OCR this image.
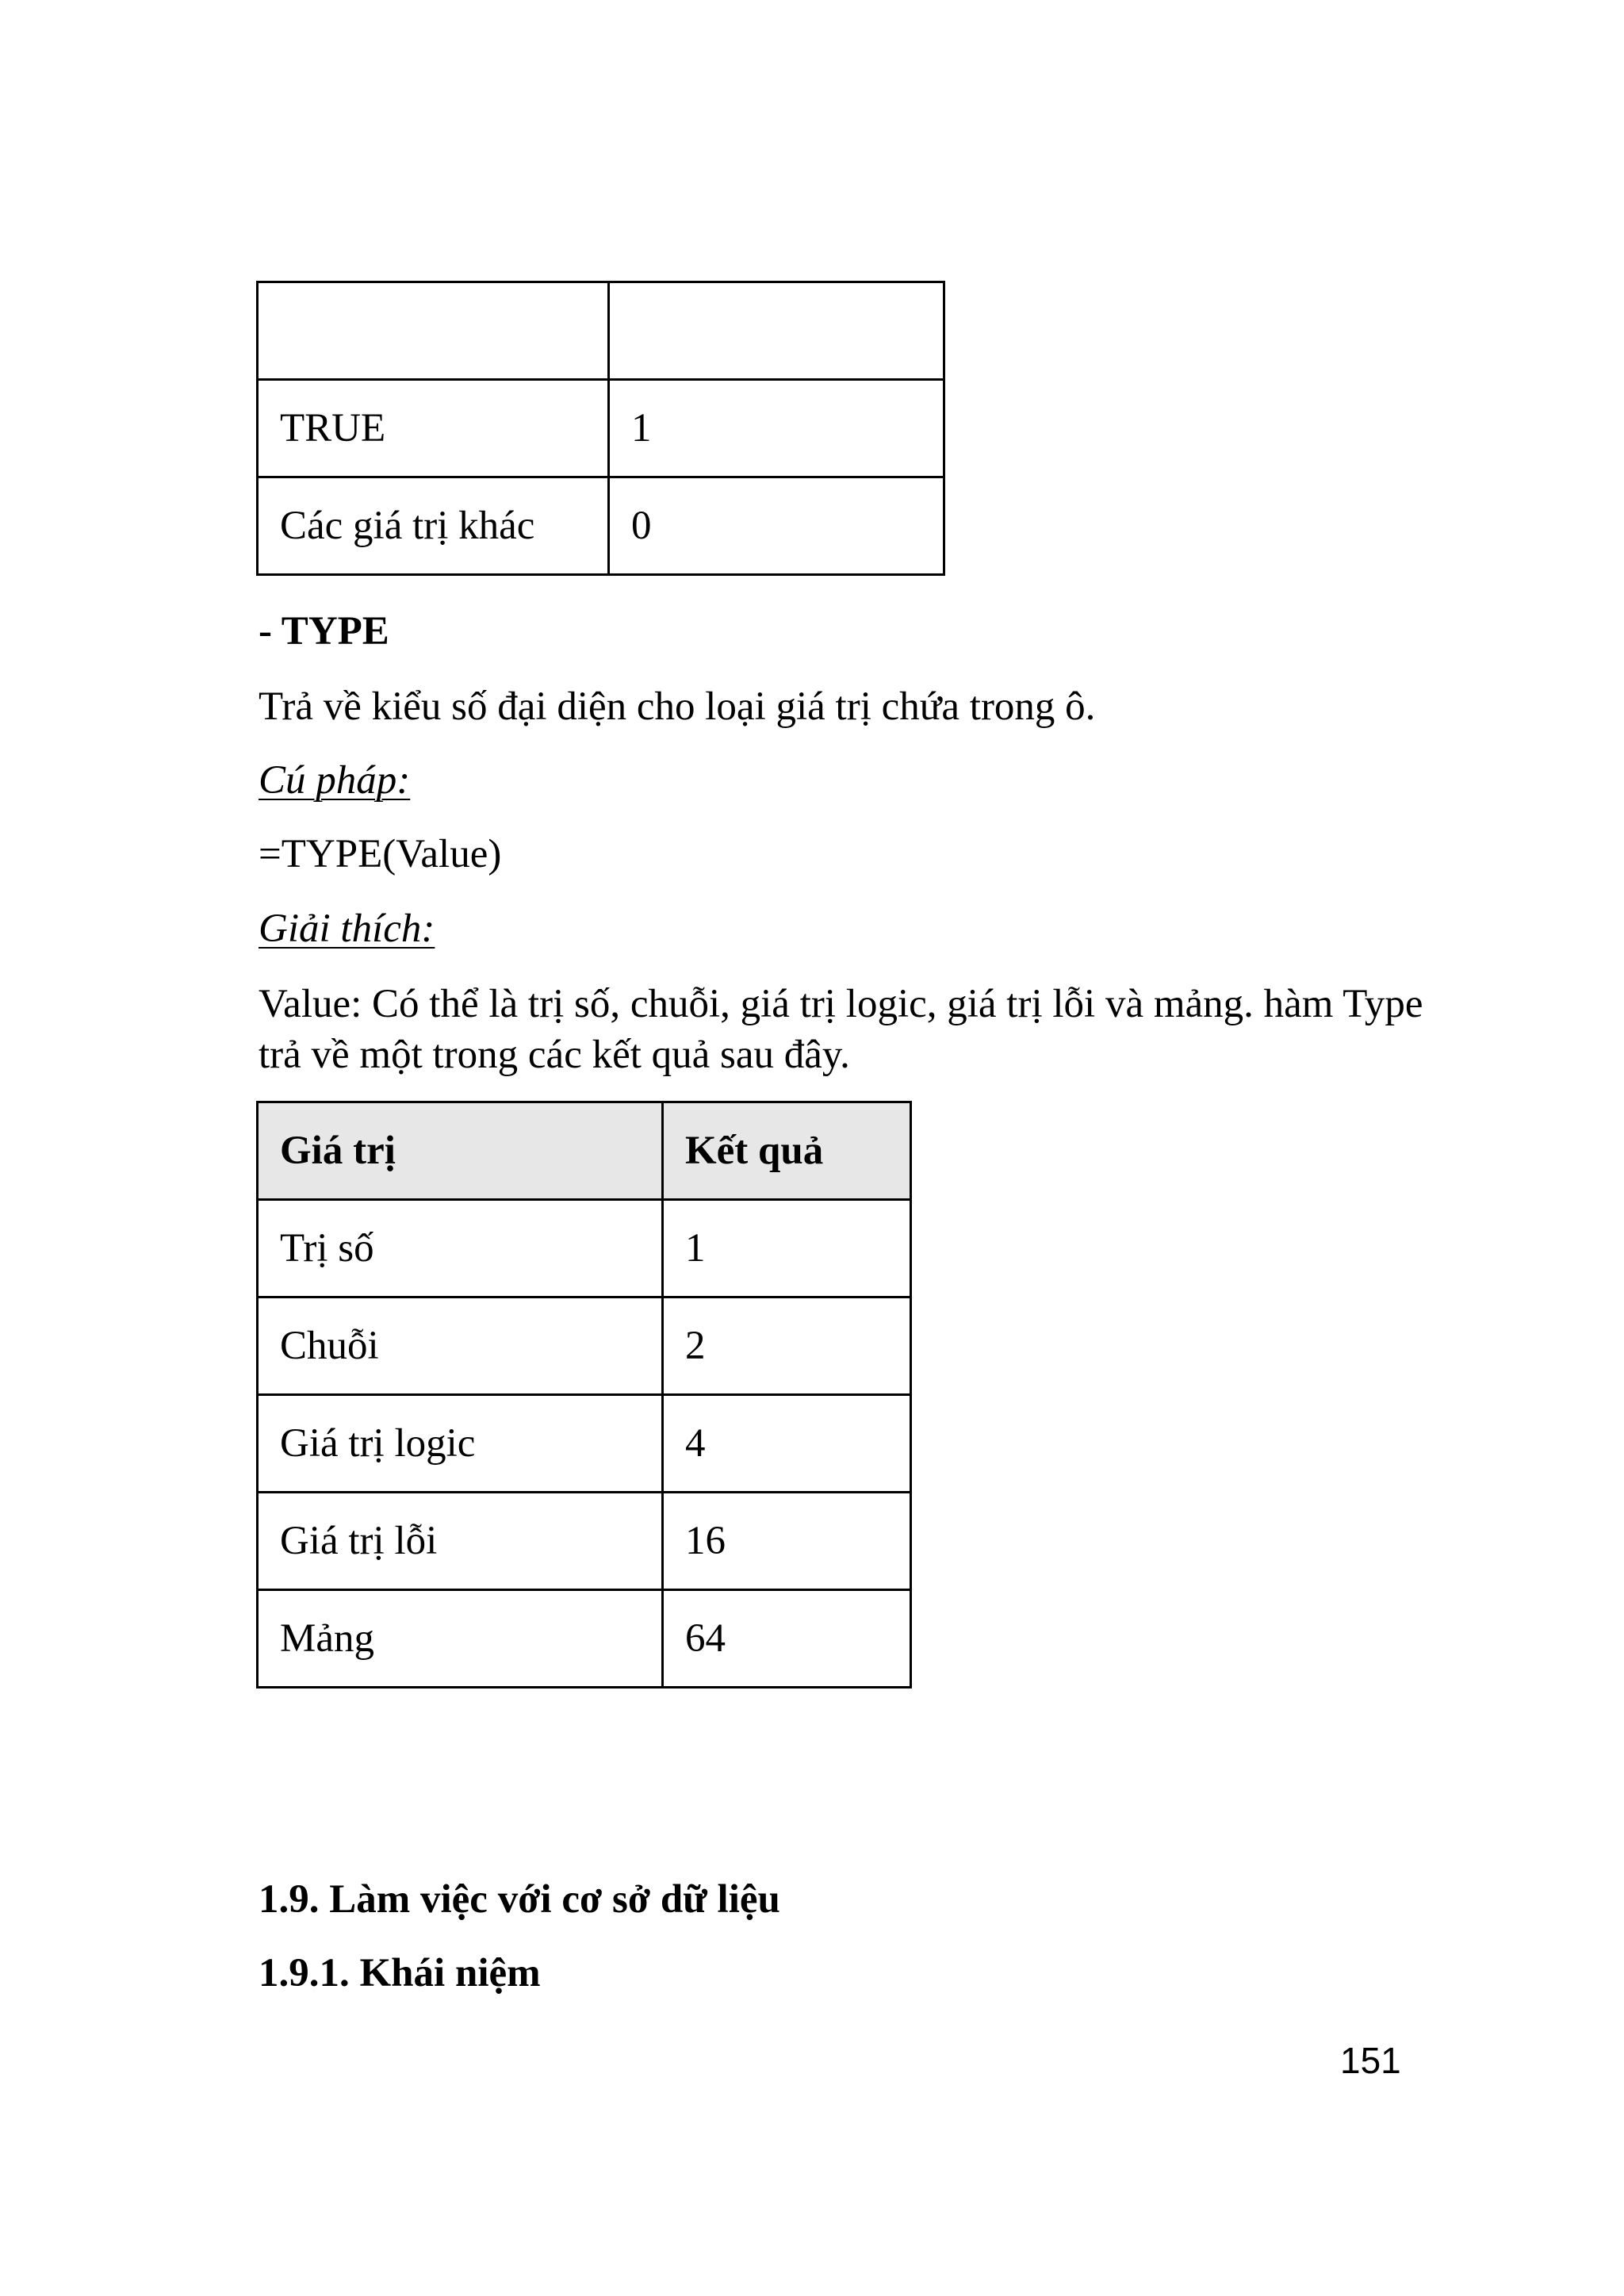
TRUE	1
Các giá trị khác	0
- TYPE
Trả về kiểu số đại diện cho loại giá trị chứa trong ô.
Cú pháp:
=TYPE(Value)
Giải thích:
Value: Có thể là trị số, chuỗi, giá trị logic, giá trị lỗi và mảng. hàm Type trả về một trong các kết quả sau đây.
Giá trị	Kết quả
Trị số	1
Chuỗi	2
Giá trị logic	4
Giá trị lỗi	16
Mảng	64
1.9. Làm việc với cơ sở dữ liệu
1.9.1. Khái niệm
151
